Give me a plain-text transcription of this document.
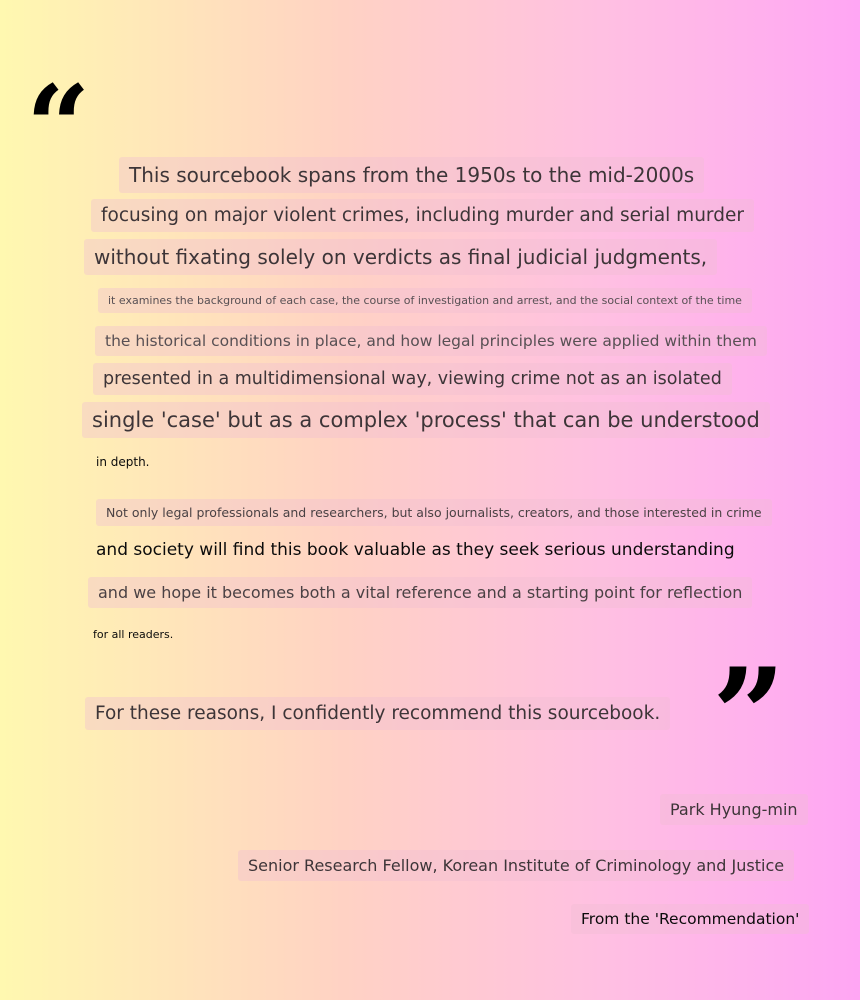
“	This sourcebook spans from the 1950s to the mid-2000s
focusing on major violent crimes, including murder and serial murder
without fixating solely on verdicts as final judicial judgments,
it examines the background of each case, the course of investigation and arrest, and the social context of the time
the historical conditions in place, and how legal principles were applied within them
presented in a multidimensional way, viewing crime not as an isolated
single 'case' but as a complex 'process' that can be understood
in depth.
Not only legal professionals and researchers, but also journalists, creators, and those interested in crime
and society will find this book valuable as they seek serious understanding
and we hope it becomes both a vital reference and a starting point for reflection
for all readers.
For these reasons, I confidently recommend this sourcebook. ”
Park Hyung-min
Senior Research Fellow, Korean Institute of Criminology and Justice
From the 'Recommendation'
